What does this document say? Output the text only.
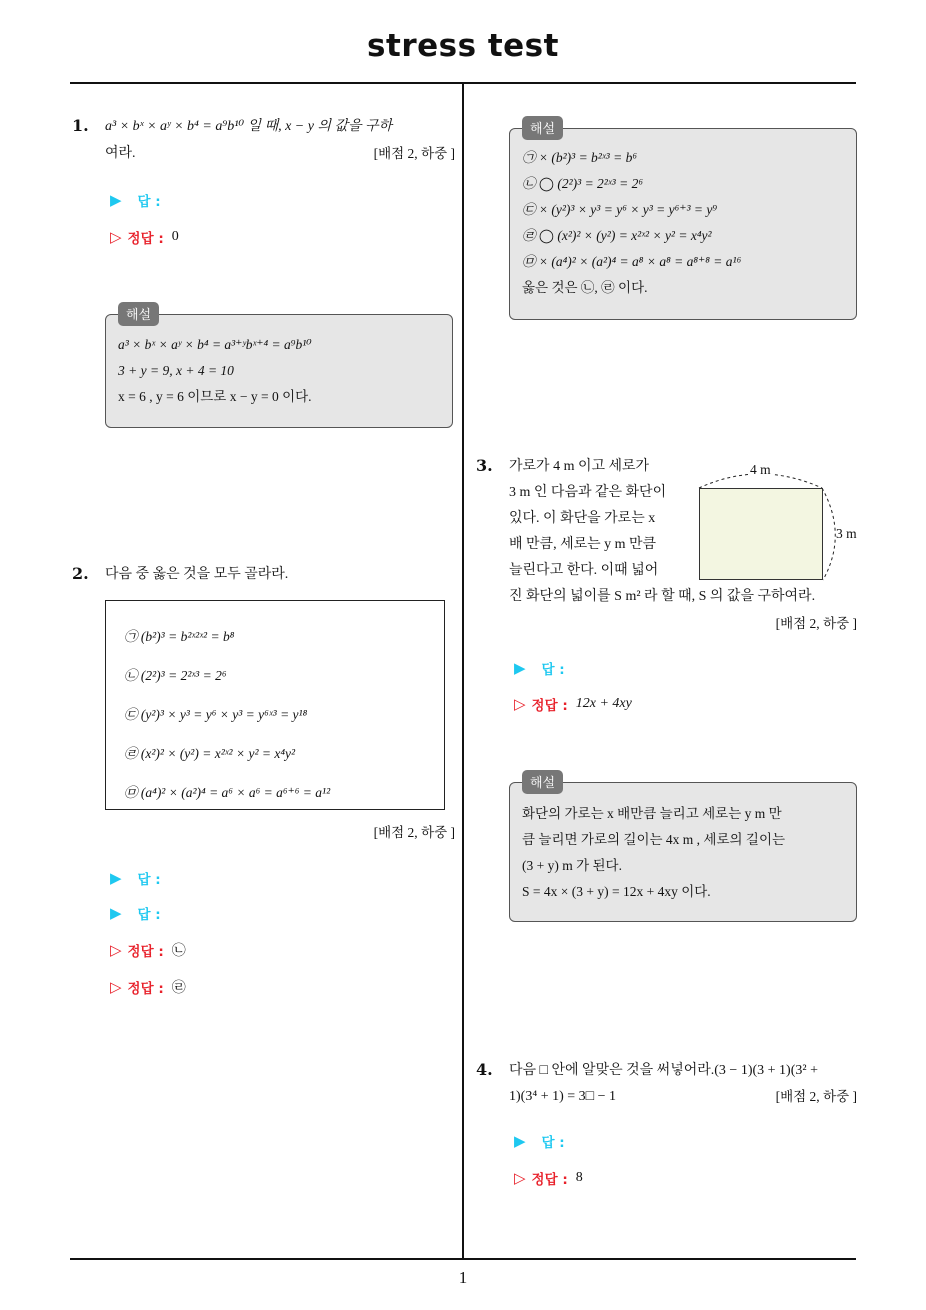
stress test
1
1. a³ × bˣ × aʸ × b⁴ = a⁹b¹⁰ 일 때, x − y 의 값을 구하
여라.	[배점 2, 하중 ]
▶ 답 :
▷ 정답 : 0
해설
a³ × bˣ × aʸ × b⁴ = a³⁺ʸbˣ⁺⁴ = a⁹b¹⁰
3 + y = 9, x + 4 = 10
x = 6 , y = 6 이므로 x − y = 0 이다.
2. 다음 중 옳은 것을 모두 골라라.
㉠ (b²)³ = b²ˣ²ˣ² = b⁸
㉡ (2²)³ = 2²ˣ³ = 2⁶
㉢ (y²)³ × y³ = y⁶ × y³ = y⁶ˣ³ = y¹⁸
㉣ (x²)² × (y²) = x²ˣ² × y² = x⁴y²
㉤ (a⁴)² × (a²)⁴ = a⁶ × a⁶ = a⁶⁺⁶ = a¹²
[배점 2, 하중 ]
▶ 답 :
▶ 답 :
▷ 정답 : ㉡
▷ 정답 : ㉣
해설
㉠ × (b²)³ = b²ˣ³ = b⁶
㉡ ◯ (2²)³ = 2²ˣ³ = 2⁶
㉢ × (y²)³ × y³ = y⁶ × y³ = y⁶⁺³ = y⁹
㉣ ◯ (x²)² × (y²) = x²ˣ² × y² = x⁴y²
㉤ × (a⁴)² × (a²)⁴ = a⁸ × a⁸ = a⁸⁺⁸ = a¹⁶
옳은 것은 ㉡, ㉣ 이다.
3. 가로가 4 m 이고 세로가
3 m 인 다음과 같은 화단이
있다. 이 화단을 가로는 x
배 만큼, 세로는 y m 만큼
늘린다고 한다. 이때 넓어
진 화단의 넓이를 S m² 라 할 때, S 의 값을 구하여라.
4 m
3 m
[배점 2, 하중 ]
▶ 답 :
▷ 정답 : 12x + 4xy
해설
화단의 가로는 x 배만큼 늘리고 세로는 y m 만
큼 늘리면 가로의 길이는 4x m , 세로의 길이는
(3 + y) m 가 된다.
S = 4x × (3 + y) = 12x + 4xy 이다.
4. 다음 □ 안에 알맞은 것을 써넣어라.(3 − 1)(3 + 1)(3² +
1)(3⁴ + 1) = 3□ − 1	[배점 2, 하중 ]
▶ 답 :
▷ 정답 : 8
